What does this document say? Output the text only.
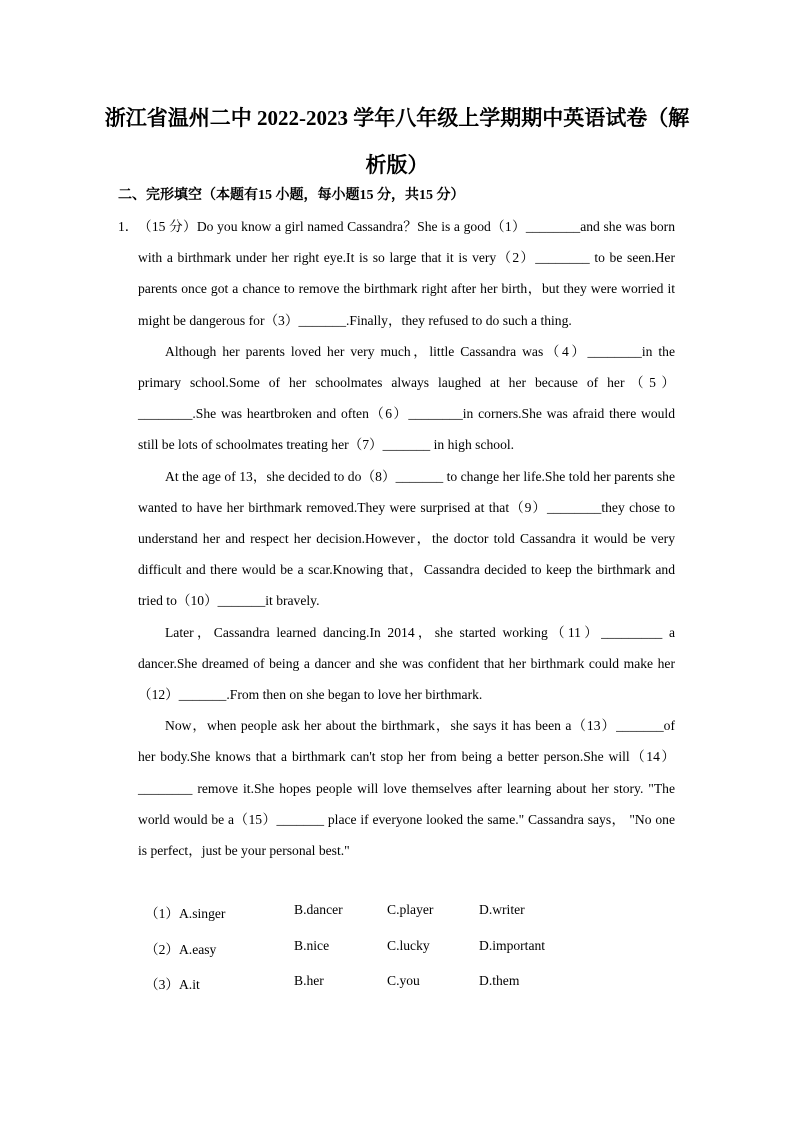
浙江省温州二中 2022-2023 学年八年级上学期期中英语试卷（解
析版）
二、完形填空（本题有15 小题，每小题15 分，共15 分）
1． （15 分）Do you know a girl named Cassandra？She is a good（1）________and she was born with a birthmark under her right eye.It is so large that it is very（2）________ to be seen.Her parents once got a chance to remove the birthmark right after her birth，but they were worried it might be dangerous for（3）_______.Finally，they refused to do such a thing.

Although her parents loved her very much，little Cassandra was（4）________in the primary school.Some of her schoolmates always laughed at her because of her（5）________.She was heartbroken and often（6）________in corners.She was afraid there would still be lots of schoolmates treating her（7）_______ in high school.

At the age of 13，she decided to do（8）_______ to change her life.She told her parents she wanted to have her birthmark removed.They were surprised at that（9）________they chose to understand her and respect her decision.However，the doctor told Cassandra it would be very difficult and there would be a scar.Knowing that，Cassandra decided to keep the birthmark and tried to（10）_______it bravely.

Later，Cassandra learned dancing.In 2014，she started working（11）_________ a dancer.She dreamed of being a dancer and she was confident that her birthmark could make her（12）_______.From then on she began to love her birthmark.

Now，when people ask her about the birthmark，she says it has been a（13）_______of her body.She knows that a birthmark can't stop her from being a better person.She will（14）________ remove it.She hopes people will love themselves after learning about her story. "The world would be a（15）_______ place if everyone looked the same." Cassandra says， "No one is perfect，just be your personal best."

（1）A.singer	B.dancer	C.player	D.writer
（2）A.easy	B.nice	C.lucky	D.important
（3）A.it	B.her	C.you	D.them
